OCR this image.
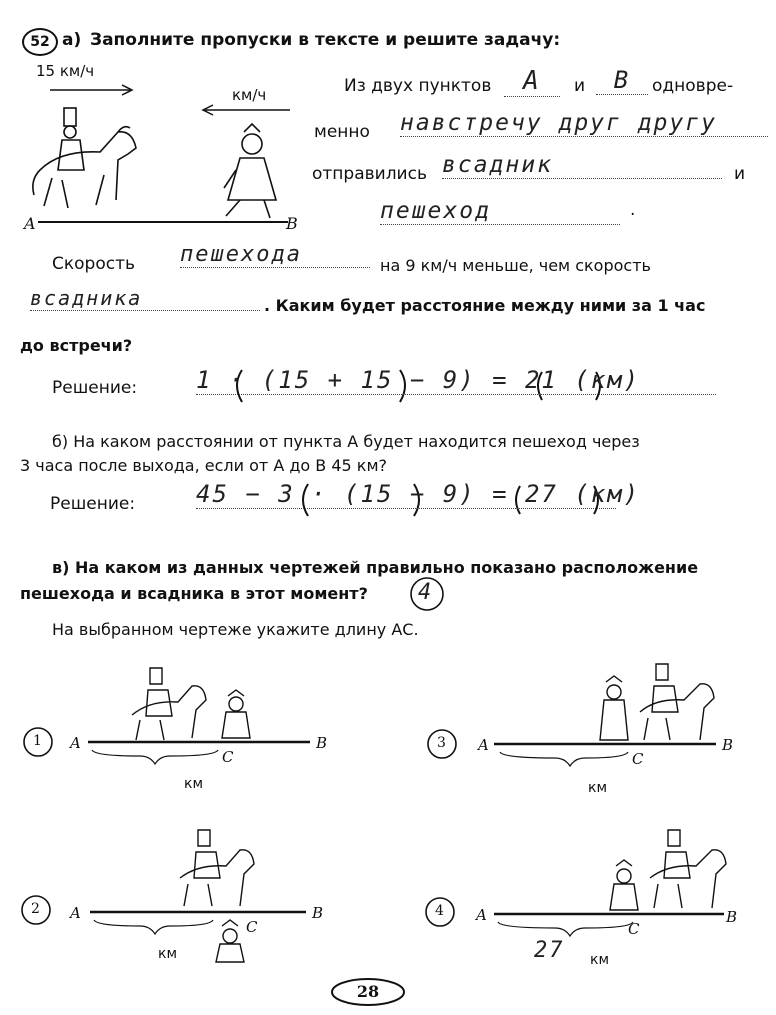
52 а) Заполните пропуски в тексте и решите задачу:
15 км/ч
км/ч
A	B
Из двух пунктов	А	и	В	одновре-
менно навстречу друг другу
отправились всадник	и
пешеход	.
Скорость пешехода	на 9 км/ч меньше, чем скорость
всадника	. Каким будет расстояние между ними за 1 час
до встречи?
Решение: 1 · (15 + 15 − 9) = 21 (км)
б) На каком расстоянии от пункта А будет находится пешеход через
3 часа после выхода, если от А до В 45 км?
Решение:	45 − 3 · (15 − 9) = 27 (км)
в) На каком из данных чертежей правильно показано расположение
пешехода и всадника в этот момент? 4
На выбранном чертеже укажите длину АС.
1 A	B
C
км
3 A	B
C
км
2 A	B
C
км
4 A	B
C
27 км
28
